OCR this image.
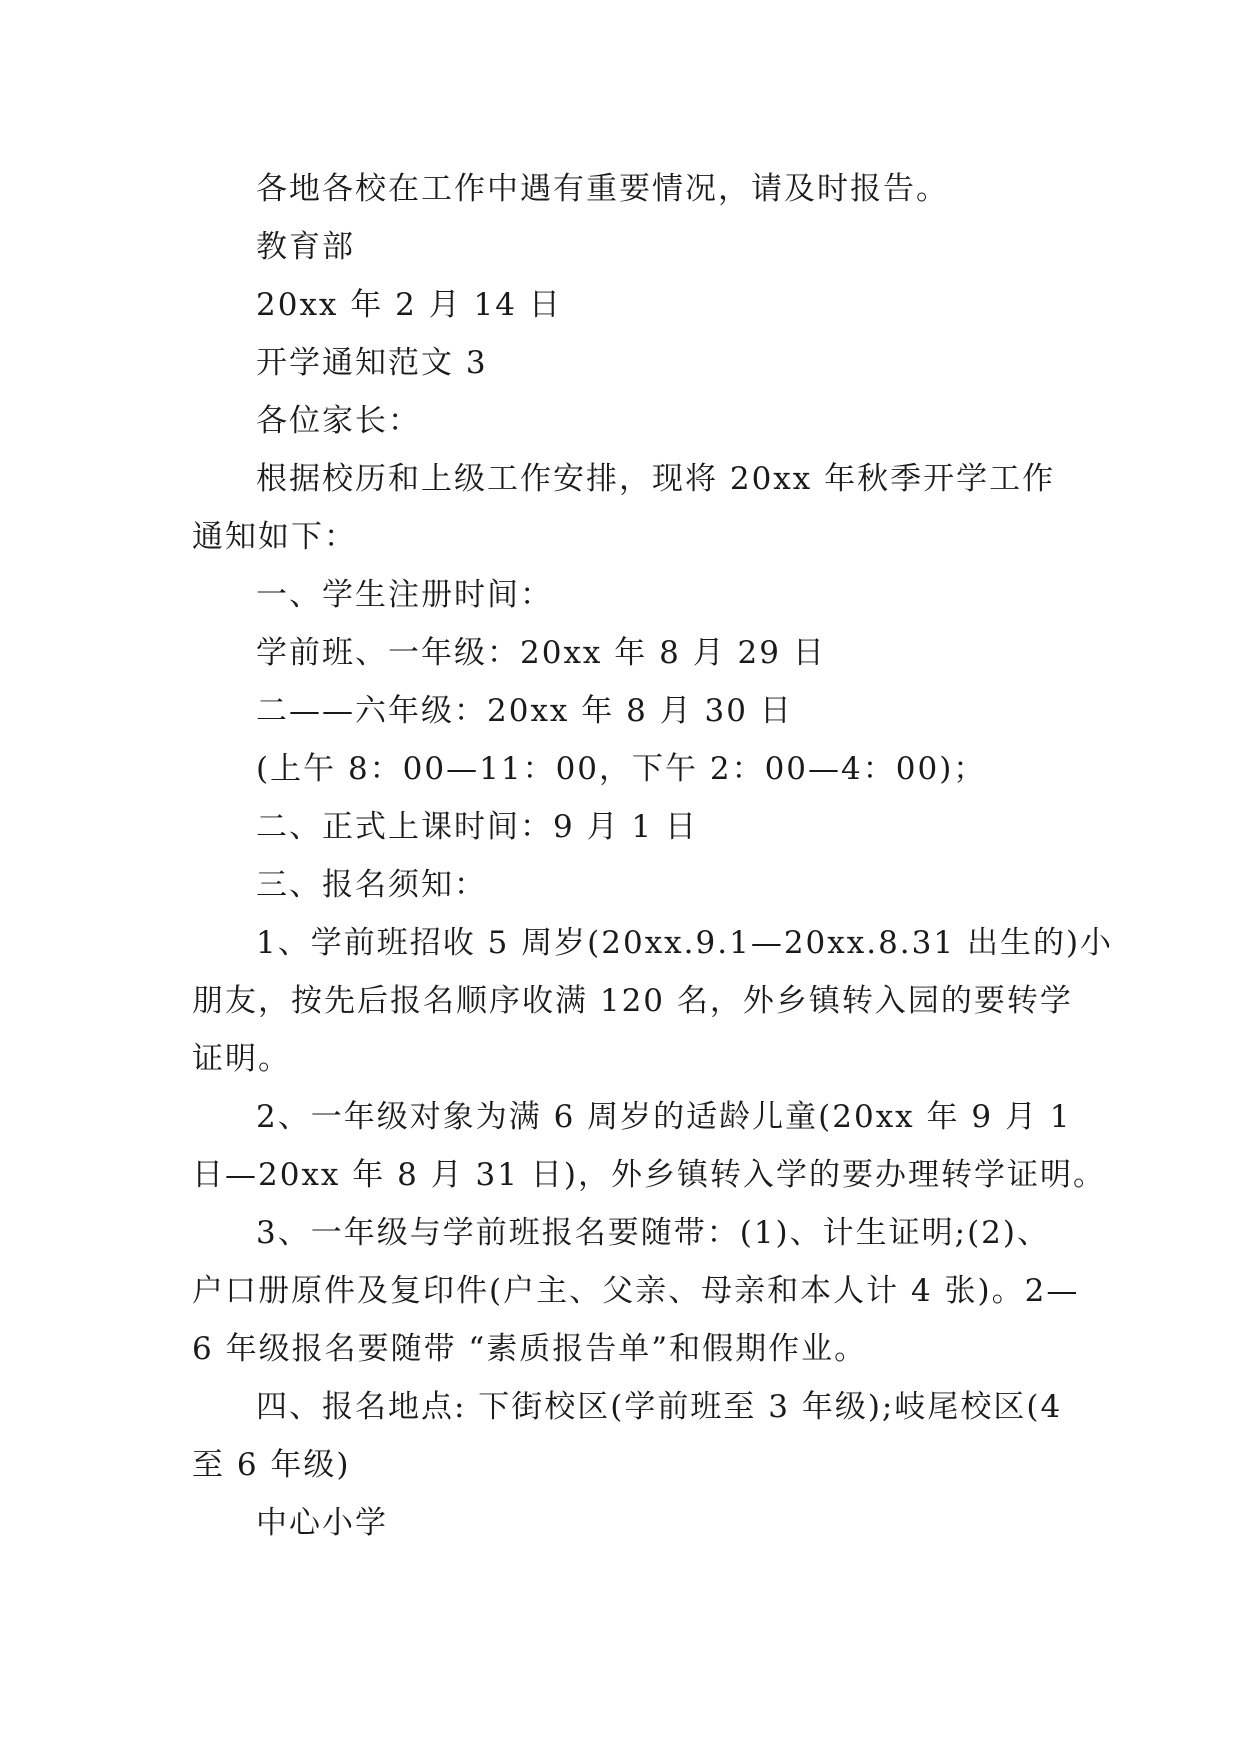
各地各校在工作中遇有重要情况，请及时报告。
教育部
20xx 年 2 月 14 日
开学通知范文 3
各位家长：
根据校历和上级工作安排，现将 20xx 年秋季开学工作
通知如下：
一、学生注册时间：
学前班、一年级：20xx 年 8 月 29 日
二——六年级：20xx 年 8 月 30 日
(上午 8：00—11：00，下午 2：00—4：00)；
二、正式上课时间：9 月 1 日
三、报名须知：
1、学前班招收 5 周岁(20xx.9.1—20xx.8.31 出生的)小
朋友，按先后报名顺序收满 120 名，外乡镇转入园的要转学
证明。
2、一年级对象为满 6 周岁的适龄儿童(20xx 年 9 月 1
日—20xx 年 8 月 31 日)，外乡镇转入学的要办理转学证明。
3、一年级与学前班报名要随带：(1)、计生证明;(2)、
户口册原件及复印件(户主、父亲、母亲和本人计 4 张)。2—
6 年级报名要随带 “素质报告单”和假期作业。
四、报名地点: 下街校区(学前班至 3 年级);岐尾校区(4
至 6 年级)
中心小学
